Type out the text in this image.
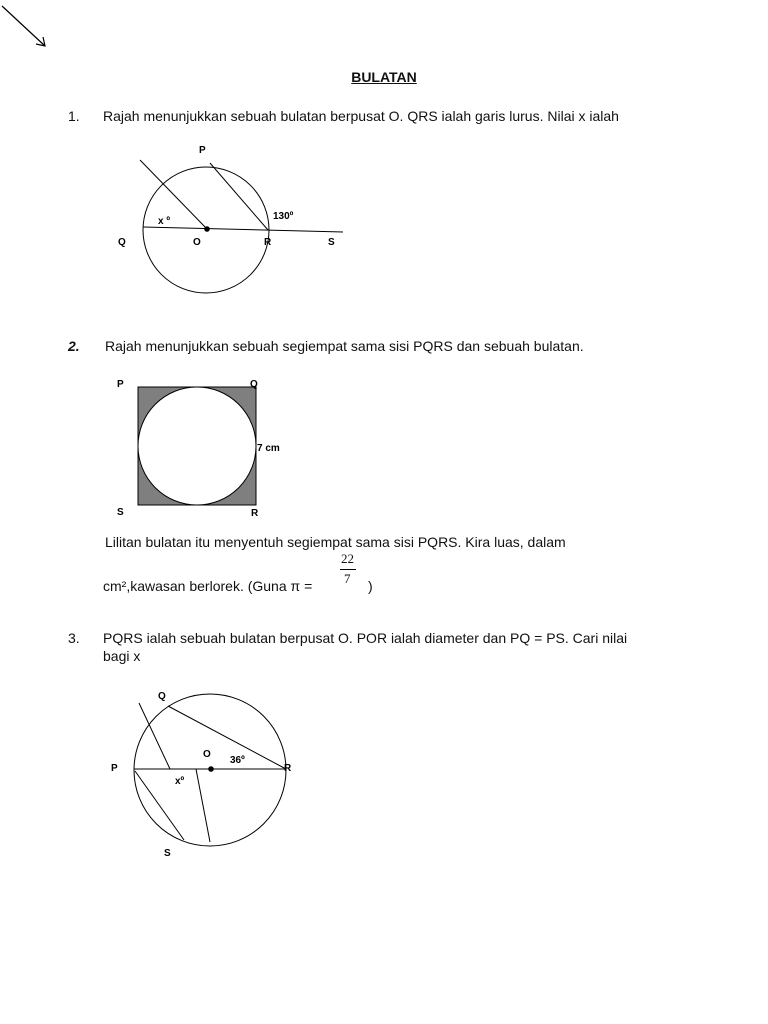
BULATAN
1. Rajah menunjukkan sebuah bulatan berpusat O. QRS ialah garis lurus. Nilai x ialah
P
Q	O	R	S
x º	130º
2. Rajah menunjukkan sebuah segiempat sama sisi PQRS dan sebuah bulatan.
P	Q
S	R
7 cm
Lilitan bulatan itu menyentuh segiempat sama sisi PQRS. Kira luas, dalam
cm²,kawasan berlorek. (Guna π =
22
7 )
3. PQRS ialah sebuah bulatan berpusat O. POR ialah diameter dan PQ = PS. Cari nilai
bagi x
Q
O
P	R
S
36º
xº
